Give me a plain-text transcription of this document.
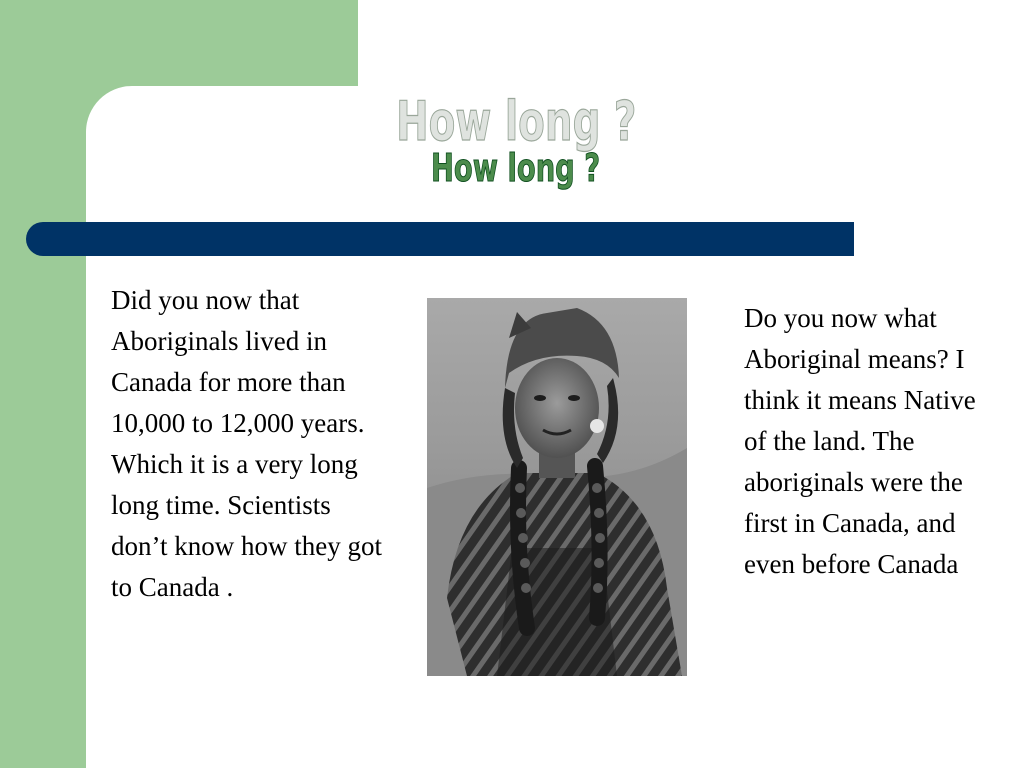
How long ?
How long ?

Did you now that Aboriginals lived in Canada for more than 10,000 to 12,000 years. Which it is a very long long time. Scientists don’t know how they got to Canada .

Do you now what Aboriginal means? I think it means Native of the land. The aboriginals were the first in Canada, and even before Canada
